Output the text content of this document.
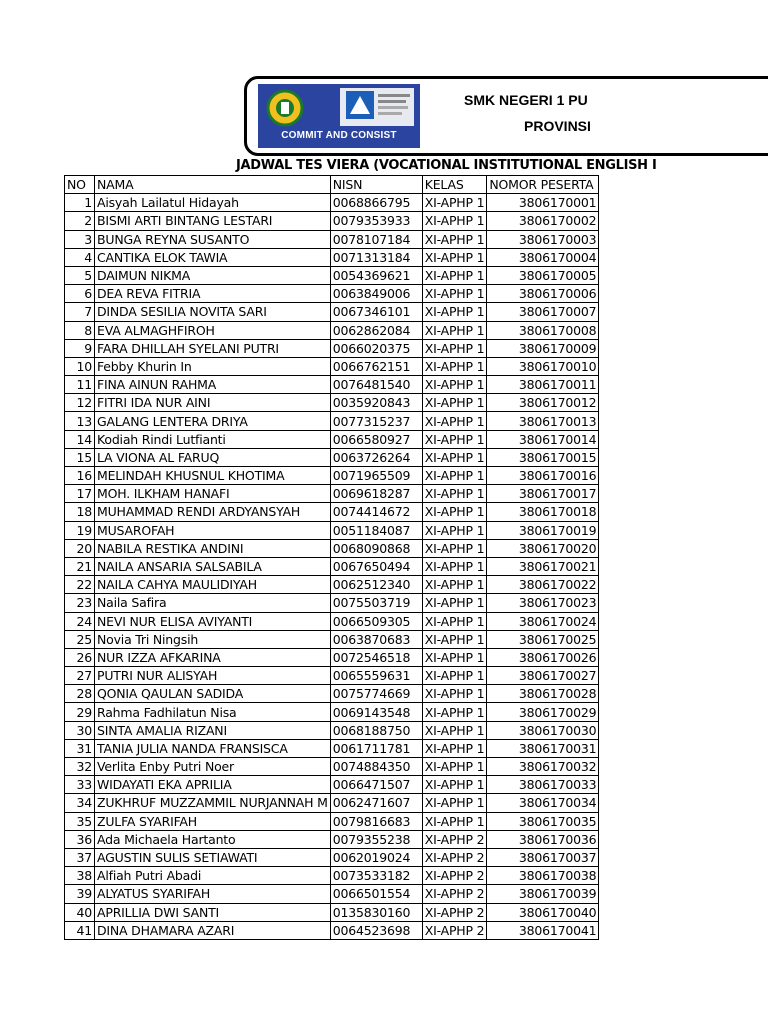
COMMIT AND CONSIST
SMK NEGERI 1 PU
PROVINSI
JADWAL TES VIERA (VOCATIONAL INSTITUTIONAL ENGLISH I
NO	NAMA	NISN	KELAS	NOMOR PESERTA
1	Aisyah Lailatul Hidayah	0068866795	XI-APHP 1	3806170001
2	BISMI ARTI BINTANG LESTARI	0079353933	XI-APHP 1	3806170002
3	BUNGA REYNA SUSANTO	0078107184	XI-APHP 1	3806170003
4	CANTIKA ELOK TAWIA	0071313184	XI-APHP 1	3806170004
5	DAIMUN NIKMA	0054369621	XI-APHP 1	3806170005
6	DEA REVA FITRIA	0063849006	XI-APHP 1	3806170006
7	DINDA SESILIA NOVITA SARI	0067346101	XI-APHP 1	3806170007
8	EVA ALMAGHFIROH	0062862084	XI-APHP 1	3806170008
9	FARA DHILLAH SYELANI PUTRI	0066020375	XI-APHP 1	3806170009
10	Febby Khurin In	0066762151	XI-APHP 1	3806170010
11	FINA AINUN RAHMA	0076481540	XI-APHP 1	3806170011
12	FITRI IDA NUR AINI	0035920843	XI-APHP 1	3806170012
13	GALANG LENTERA DRIYA	0077315237	XI-APHP 1	3806170013
14	Kodiah Rindi Lutfianti	0066580927	XI-APHP 1	3806170014
15	LA VIONA AL FARUQ	0063726264	XI-APHP 1	3806170015
16	MELINDAH KHUSNUL KHOTIMA	0071965509	XI-APHP 1	3806170016
17	MOH. ILKHAM HANAFI	0069618287	XI-APHP 1	3806170017
18	MUHAMMAD RENDI ARDYANSYAH	0074414672	XI-APHP 1	3806170018
19	MUSAROFAH	0051184087	XI-APHP 1	3806170019
20	NABILA RESTIKA ANDINI	0068090868	XI-APHP 1	3806170020
21	NAILA ANSARIA SALSABILA	0067650494	XI-APHP 1	3806170021
22	NAILA CAHYA MAULIDIYAH	0062512340	XI-APHP 1	3806170022
23	Naila Safira	0075503719	XI-APHP 1	3806170023
24	NEVI NUR ELISA AVIYANTI	0066509305	XI-APHP 1	3806170024
25	Novia Tri Ningsih	0063870683	XI-APHP 1	3806170025
26	NUR IZZA AFKARINA	0072546518	XI-APHP 1	3806170026
27	PUTRI NUR ALISYAH	0065559631	XI-APHP 1	3806170027
28	QONIA QAULAN SADIDA	0075774669	XI-APHP 1	3806170028
29	Rahma Fadhilatun Nisa	0069143548	XI-APHP 1	3806170029
30	SINTA AMALIA RIZANI	0068188750	XI-APHP 1	3806170030
31	TANIA JULIA NANDA FRANSISCA	0061711781	XI-APHP 1	3806170031
32	Verlita Enby Putri Noer	0074884350	XI-APHP 1	3806170032
33	WIDAYATI EKA APRILIA	0066471507	XI-APHP 1	3806170033
34	ZUKHRUF MUZZAMMIL NURJANNAH M	0062471607	XI-APHP 1	3806170034
35	ZULFA SYARIFAH	0079816683	XI-APHP 1	3806170035
36	Ada Michaela Hartanto	0079355238	XI-APHP 2	3806170036
37	AGUSTIN SULIS SETIAWATI	0062019024	XI-APHP 2	3806170037
38	Alfiah Putri Abadi	0073533182	XI-APHP 2	3806170038
39	ALYATUS SYARIFAH	0066501554	XI-APHP 2	3806170039
40	APRILLIA DWI SANTI	0135830160	XI-APHP 2	3806170040
41	DINA DHAMARA AZARI	0064523698	XI-APHP 2	3806170041
